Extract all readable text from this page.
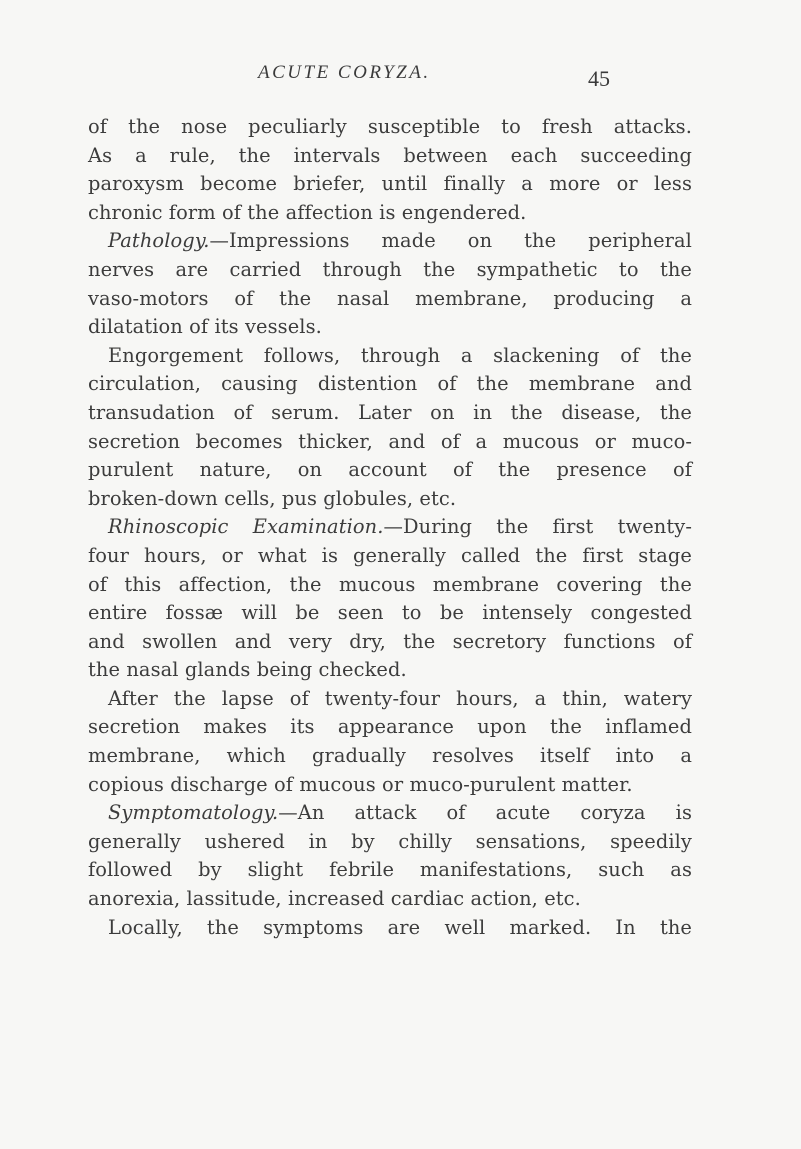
ACUTE CORYZA.	45
of the nose peculiarly susceptible to fresh attacks.
As a rule, the intervals between each succeeding
paroxysm become briefer, until finally a more or less
chronic form of the affection is engendered.
Pathology.—Impressions made on the peripheral
nerves are carried through the sympathetic to the
vaso-motors of the nasal membrane, producing a
dilatation of its vessels.
Engorgement follows, through a slackening of the
circulation, causing distention of the membrane and
transudation of serum. Later on in the disease, the
secretion becomes thicker, and of a mucous or muco-
purulent nature, on account of the presence of
broken-down cells, pus globules, etc.
Rhinoscopic Examination.—During the first twenty-
four hours, or what is generally called the first stage
of this affection, the mucous membrane covering the
entire fossæ will be seen to be intensely congested
and swollen and very dry, the secretory functions of
the nasal glands being checked.
After the lapse of twenty-four hours, a thin, watery
secretion makes its appearance upon the inflamed
membrane, which gradually resolves itself into a
copious discharge of mucous or muco-purulent matter.
Symptomatology.—An attack of acute coryza is
generally ushered in by chilly sensations, speedily
followed by slight febrile manifestations, such as
anorexia, lassitude, increased cardiac action, etc.
Locally, the symptoms are well marked. In the
